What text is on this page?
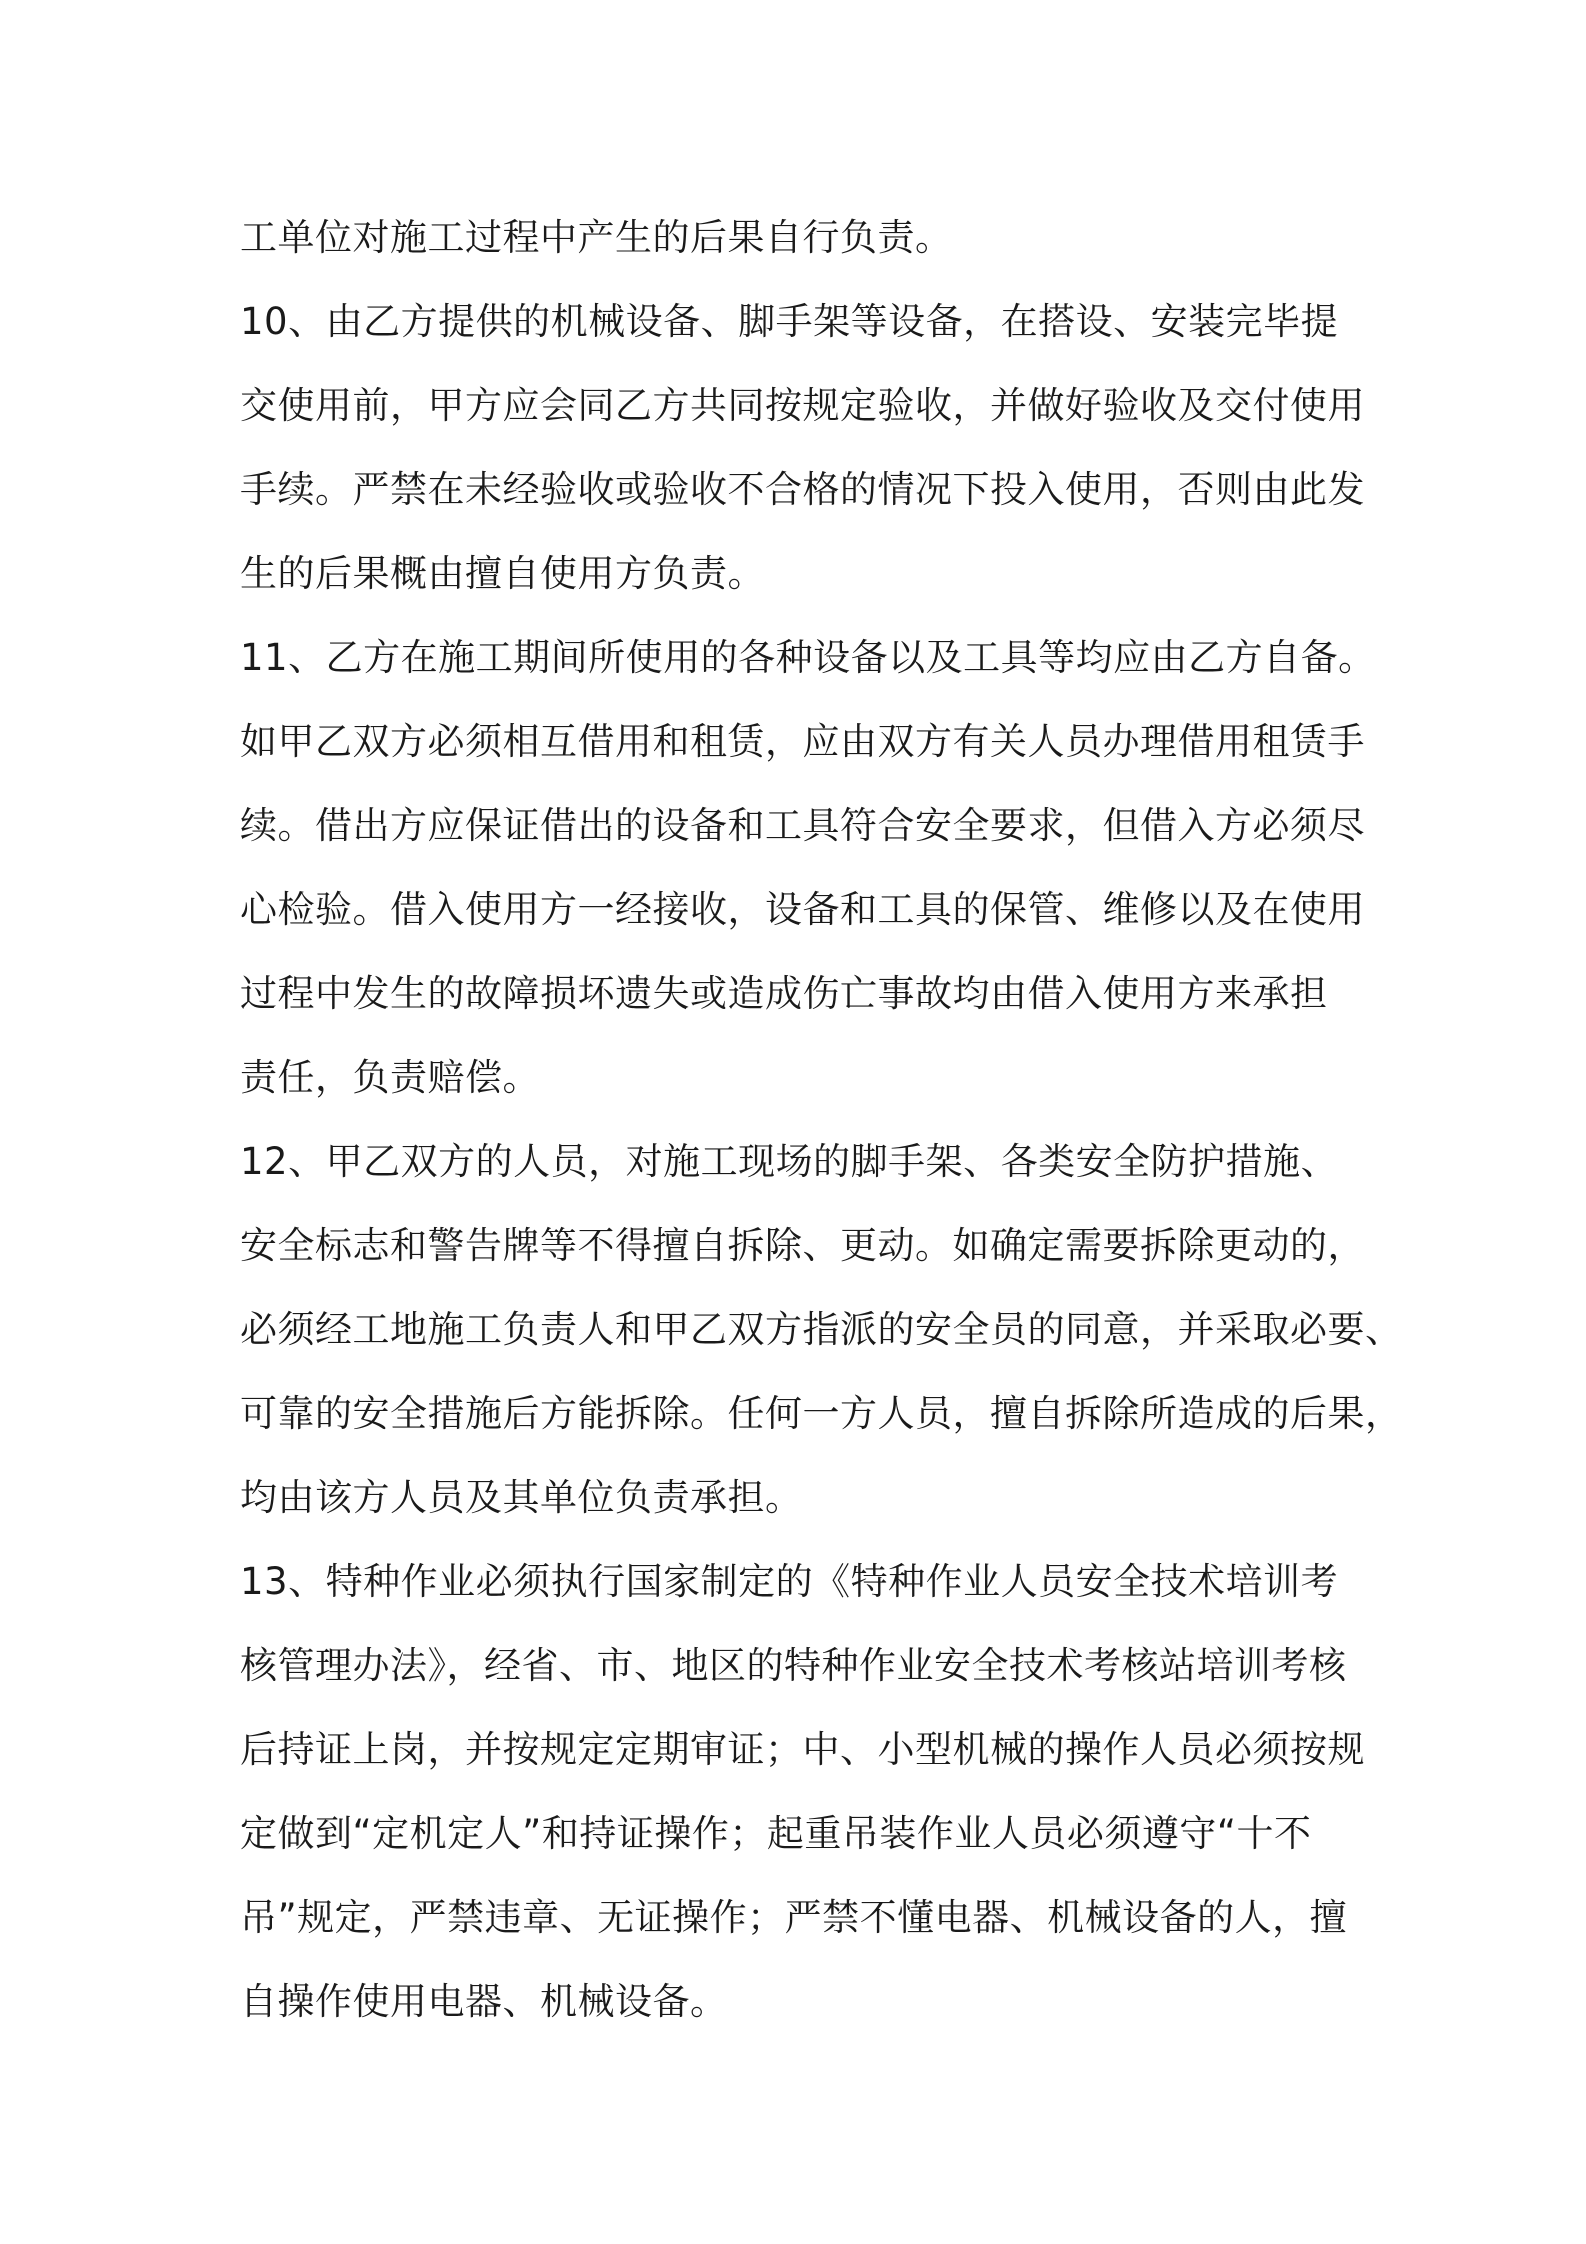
工单位对施工过程中产生的后果自行负责。
10、由乙方提供的机械设备、脚手架等设备，在搭设、安装完毕提
交使用前，甲方应会同乙方共同按规定验收，并做好验收及交付使用
手续。严禁在未经验收或验收不合格的情况下投入使用，否则由此发
生的后果概由擅自使用方负责。
11、乙方在施工期间所使用的各种设备以及工具等均应由乙方自备。
如甲乙双方必须相互借用和租赁，应由双方有关人员办理借用租赁手
续。借出方应保证借出的设备和工具符合安全要求，但借入方必须尽
心检验。借入使用方一经接收，设备和工具的保管、维修以及在使用
过程中发生的故障损坏遗失或造成伤亡事故均由借入使用方来承担
责任，负责赔偿。
12、甲乙双方的人员，对施工现场的脚手架、各类安全防护措施、
安全标志和警告牌等不得擅自拆除、更动。如确定需要拆除更动的，
必须经工地施工负责人和甲乙双方指派的安全员的同意，并采取必要、
可靠的安全措施后方能拆除。任何一方人员，擅自拆除所造成的后果，
均由该方人员及其单位负责承担。
13、特种作业必须执行国家制定的《特种作业人员安全技术培训考
核管理办法》，经省、市、地区的特种作业安全技术考核站培训考核
后持证上岗，并按规定定期审证；中、小型机械的操作人员必须按规
定做到“定机定人”和持证操作；起重吊装作业人员必须遵守“十不
吊”规定，严禁违章、无证操作；严禁不懂电器、机械设备的人，擅
自操作使用电器、机械设备。
